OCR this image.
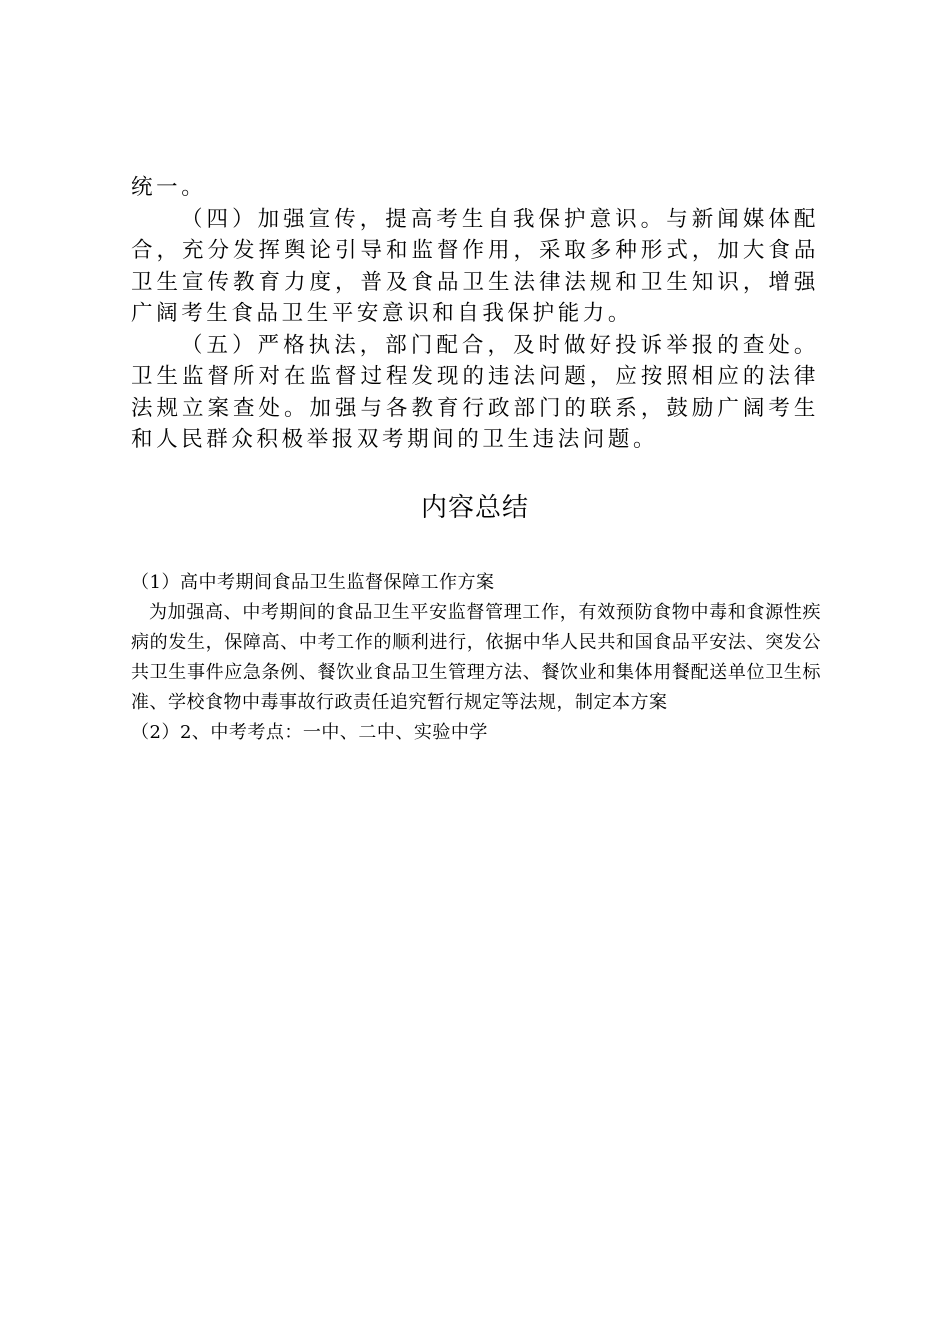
统一。

（四）加强宣传，提高考生自我保护意识。与新闻媒体配合，充分发挥舆论引导和监督作用，采取多种形式，加大食品卫生宣传教育力度，普及食品卫生法律法规和卫生知识，增强广阔考生食品卫生平安意识和自我保护能力。

（五）严格执法，部门配合，及时做好投诉举报的查处。卫生监督所对在监督过程发现的违法问题，应按照相应的法律法规立案查处。加强与各教育行政部门的联系，鼓励广阔考生和人民群众积极举报双考期间的卫生违法问题。

内容总结

（1）高中考期间食品卫生监督保障工作方案

为加强高、中考期间的食品卫生平安监督管理工作，有效预防食物中毒和食源性疾病的发生，保障高、中考工作的顺利进行，依据中华人民共和国食品平安法、突发公共卫生事件应急条例、餐饮业食品卫生管理方法、餐饮业和集体用餐配送单位卫生标准、学校食物中毒事故行政责任追究暂行规定等法规，制定本方案

（2）2、中考考点：一中、二中、实验中学
